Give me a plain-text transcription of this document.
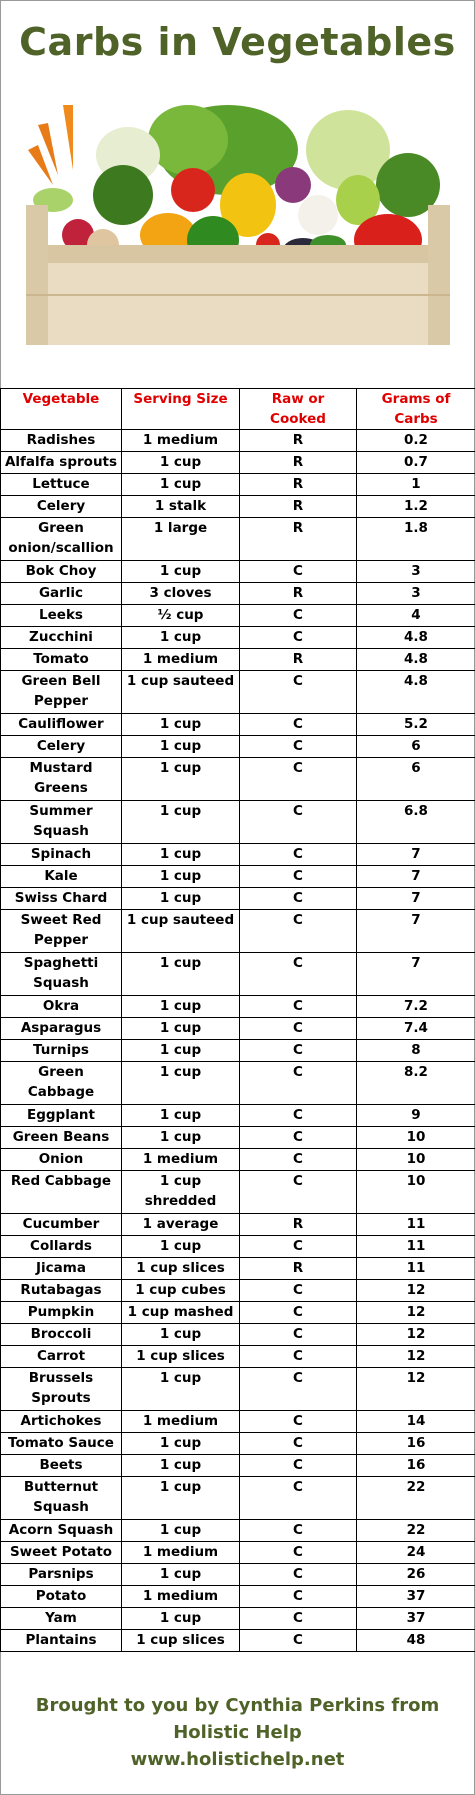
Carbs in Vegetables
Vegetable	Serving Size	Raw or Cooked	Grams of Carbs
Radishes	1 medium	R	0.2
Alfalfa sprouts	1 cup	R	0.7
Lettuce	1 cup	R	1
Celery	1 stalk	R	1.2
Green onion/scallion	1 large	R	1.8
Bok Choy	1 cup	C	3
Garlic	3 cloves	R	3
Leeks	½ cup	C	4
Zucchini	1 cup	C	4.8
Tomato	1 medium	R	4.8
Green Bell Pepper	1 cup sauteed	C	4.8
Cauliflower	1 cup	C	5.2
Celery	1 cup	C	6
Mustard Greens	1 cup	C	6
Summer Squash	1 cup	C	6.8
Spinach	1 cup	C	7
Kale	1 cup	C	7
Swiss Chard	1 cup	C	7
Sweet Red Pepper	1 cup sauteed	C	7
Spaghetti Squash	1 cup	C	7
Okra	1 cup	C	7.2
Asparagus	1 cup	C	7.4
Turnips	1 cup	C	8
Green Cabbage	1 cup	C	8.2
Eggplant	1 cup	C	9
Green Beans	1 cup	C	10
Onion	1 medium	C	10
Red Cabbage	1 cup shredded	C	10
Cucumber	1 average	R	11
Collards	1 cup	C	11
Jicama	1 cup slices	R	11
Rutabagas	1 cup cubes	C	12
Pumpkin	1 cup mashed	C	12
Broccoli	1 cup	C	12
Carrot	1 cup slices	C	12
Brussels Sprouts	1 cup	C	12
Artichokes	1 medium	C	14
Tomato Sauce	1 cup	C	16
Beets	1 cup	C	16
Butternut Squash	1 cup	C	22
Acorn Squash	1 cup	C	22
Sweet Potato	1 medium	C	24
Parsnips	1 cup	C	26
Potato	1 medium	C	37
Yam	1 cup	C	37
Plantains	1 cup slices	C	48
Brought to you by Cynthia Perkins from
Holistic Help
www.holistichelp.net
